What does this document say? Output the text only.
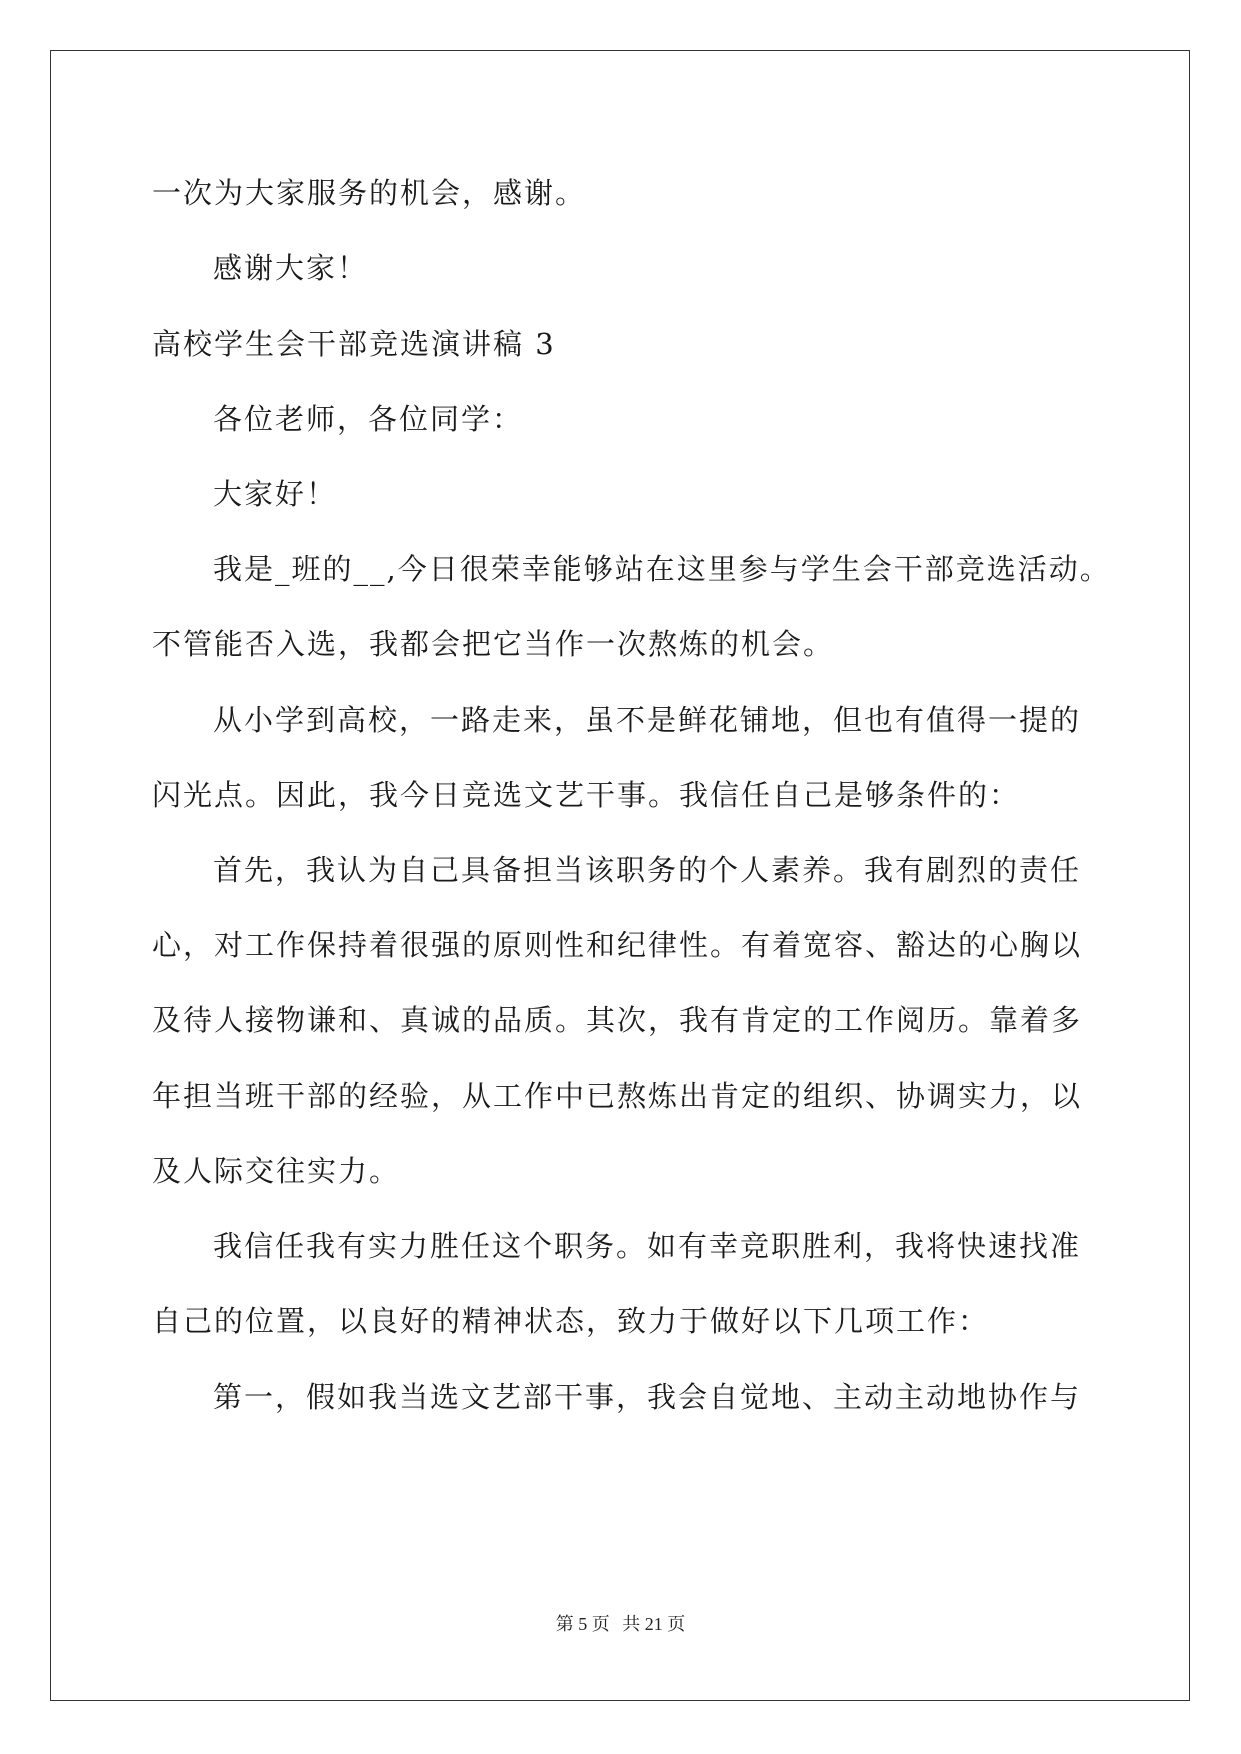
一次为大家服务的机会，感谢。
感谢大家！
高校学生会干部竞选演讲稿 3
各位老师，各位同学：
大家好！
我是_班的__,今日很荣幸能够站在这里参与学生会干部竞选活动。
不管能否入选，我都会把它当作一次熬炼的机会。
从小学到高校，一路走来，虽不是鲜花铺地，但也有值得一提的
闪光点。因此，我今日竞选文艺干事。我信任自己是够条件的：
首先，我认为自己具备担当该职务的个人素养。我有剧烈的责任
心，对工作保持着很强的原则性和纪律性。有着宽容、豁达的心胸以
及待人接物谦和、真诚的品质。其次，我有肯定的工作阅历。靠着多
年担当班干部的经验，从工作中已熬炼出肯定的组织、协调实力，以
及人际交往实力。
我信任我有实力胜任这个职务。如有幸竞职胜利，我将快速找准
自己的位置，以良好的精神状态，致力于做好以下几项工作：
第一，假如我当选文艺部干事，我会自觉地、主动主动地协作与
第 5 页 共 21 页
